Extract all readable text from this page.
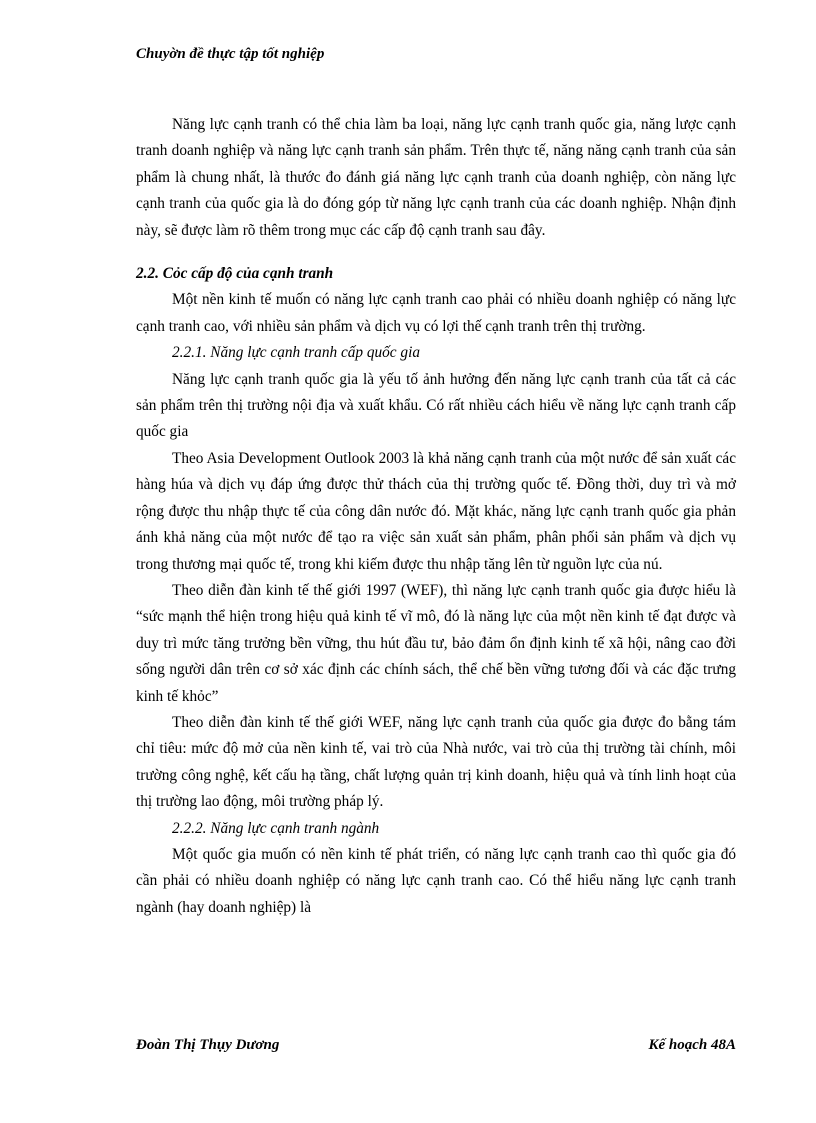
Chuyờn đề thực tập tốt nghiệp

Năng lực cạnh tranh có thể chia làm ba loại, năng lực cạnh tranh quốc gia, năng lược cạnh tranh doanh nghiệp và năng lực cạnh tranh sản phẩm. Trên thực tế, năng năng cạnh tranh của sản phẩm là chung nhất, là thước đo đánh giá năng lực cạnh tranh của doanh nghiệp, còn năng lực cạnh tranh của quốc gia là do đóng góp từ năng lực cạnh tranh của các doanh nghiệp. Nhận định này, sẽ được làm rõ thêm trong mục các cấp độ cạnh tranh sau đây.

2.2. Cỏc cấp độ của cạnh tranh

Một nền kinh tế muốn có năng lực cạnh tranh cao phải có nhiều doanh nghiệp có năng lực cạnh tranh cao, với nhiều sản phẩm và dịch vụ có lợi thế cạnh tranh trên thị trường.

2.2.1. Năng lực cạnh tranh cấp quốc gia

Năng lực cạnh tranh quốc gia là yếu tố ảnh hưởng đến năng lực cạnh tranh của tất cả các sản phẩm trên thị trường nội địa và xuất khẩu. Có rất nhiều cách hiểu về năng lực cạnh tranh cấp quốc gia

Theo Asia Development Outlook 2003 là khả năng cạnh tranh của một nước để sản xuất các hàng húa và dịch vụ đáp ứng được thử thách của thị trường quốc tế. Đồng thời, duy trì và mở rộng được thu nhập thực tế của công dân nước đó. Mặt khác, năng lực cạnh tranh quốc gia phản ánh khả năng của một nước để tạo ra việc sản xuất sản phẩm, phân phối sản phẩm và dịch vụ trong thương mại quốc tế, trong khi kiếm được thu nhập tăng lên từ nguồn lực của nú.

Theo diễn đàn kinh tế thế giới 1997 (WEF), thì năng lực cạnh tranh quốc gia được hiểu là “sức mạnh thể hiện trong hiệu quả kinh tế vĩ mô, đó là năng lực của một nền kinh tế đạt được và duy trì mức tăng trưởng bền vững, thu hút đầu tư, bảo đảm ổn định kinh tế xã hội, nâng cao đời sống người dân trên cơ sở xác định các chính sách, thể chế bền vững tương đối và các đặc trưng kinh tế khỏc”

Theo diễn đàn kinh tế thế giới WEF, năng lực cạnh tranh của quốc gia được đo bằng tám chỉ tiêu: mức độ mở của nền kinh tế, vai trò của Nhà nước, vai trò của thị trường tài chính, môi trường công nghệ, kết cấu hạ tầng, chất lượng quản trị kinh doanh, hiệu quả và tính linh hoạt của thị trường lao động, môi trường pháp lý.

2.2.2. Năng lực cạnh tranh ngành

Một quốc gia muốn có nền kinh tế phát triển, có năng lực cạnh tranh cao thì quốc gia đó cần phải có nhiều doanh nghiệp có năng lực cạnh tranh cao. Có thể hiểu năng lực cạnh tranh ngành (hay doanh nghiệp) là

Đoàn Thị Thụy Dương	Kế hoạch 48A
